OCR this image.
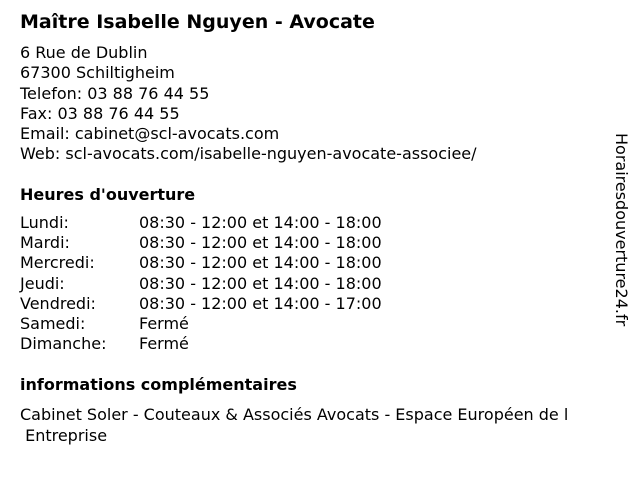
Maître Isabelle Nguyen - Avocate
6 Rue de Dublin
67300 Schiltigheim
Telefon: 03 88 76 44 55
Fax: 03 88 76 44 55
Email: cabinet@scl-avocats.com
Web: scl-avocats.com/isabelle-nguyen-avocate-associee/
Heures d'ouverture
Lundi:	08:30 - 12:00 et 14:00 - 18:00
Mardi:	08:30 - 12:00 et 14:00 - 18:00
Mercredi:	08:30 - 12:00 et 14:00 - 18:00
Jeudi:	08:30 - 12:00 et 14:00 - 18:00
Vendredi:	08:30 - 12:00 et 14:00 - 17:00
Samedi:	Fermé
Dimanche: Fermé
informations complémentaires
Cabinet Soler - Couteaux & Associés Avocats - Espace Européen de l
Entreprise
Horairesdouverture24.fr
